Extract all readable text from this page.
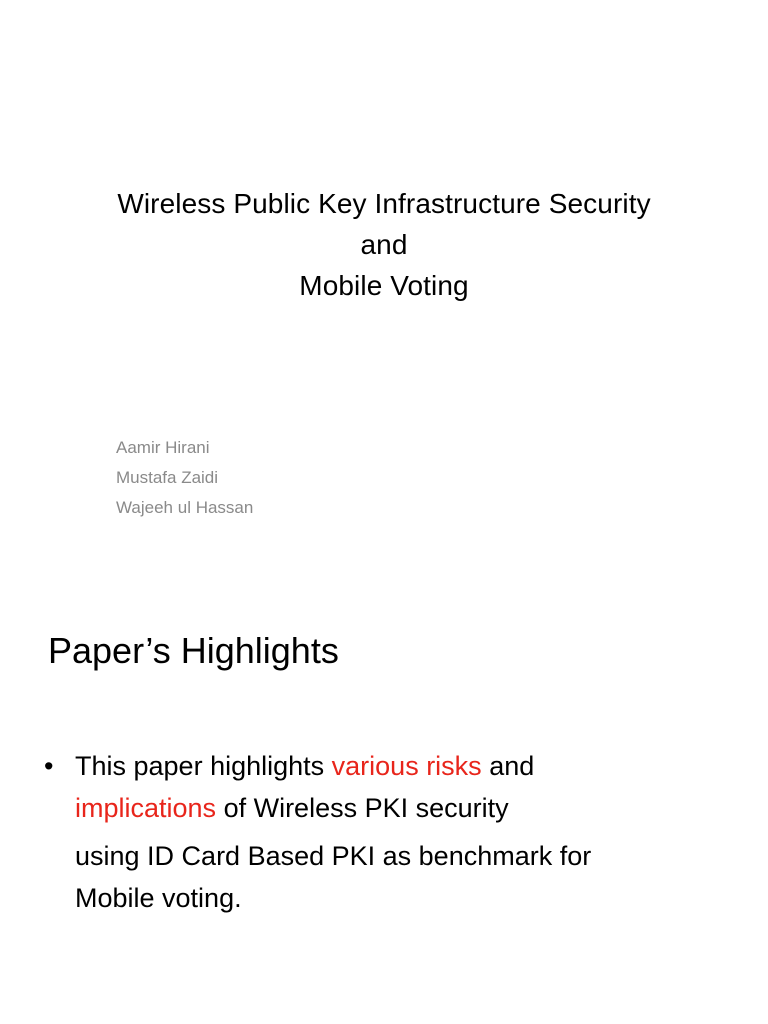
Wireless Public Key Infrastructure Security
and
Mobile Voting
Aamir Hirani
Mustafa Zaidi
Wajeeh ul Hassan
Paper’s Highlights
• This paper highlights various risks and
implications of Wireless PKI security
using ID Card Based PKI as benchmark for
Mobile voting.
